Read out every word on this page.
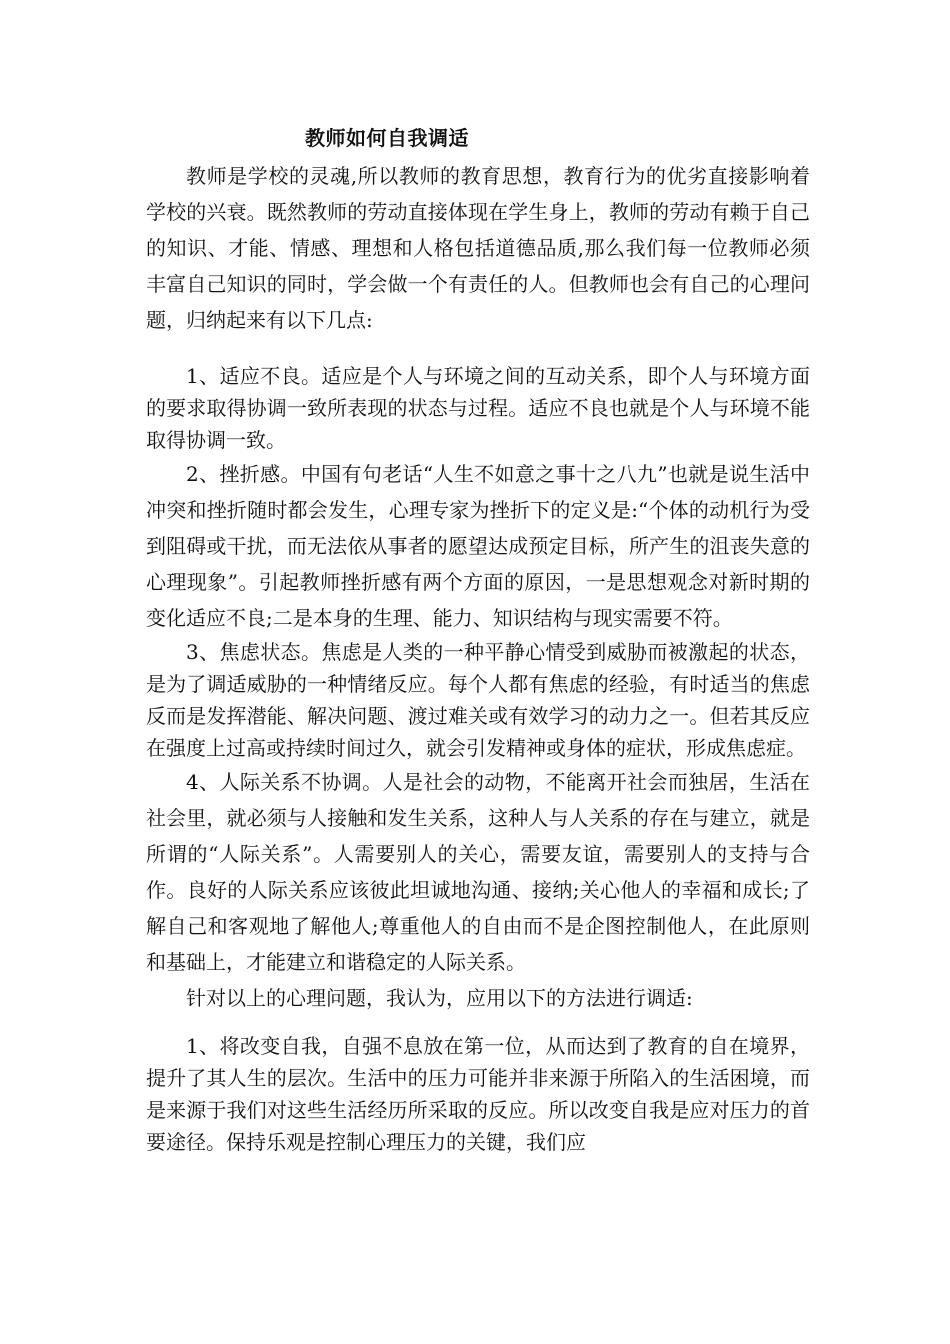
教师如何自我调适

教师是学校的灵魂,所以教师的教育思想，教育行为的优劣直接影响着学校的兴衰。既然教师的劳动直接体现在学生身上，教师的劳动有赖于自己的知识、才能、情感、理想和人格包括道德品质,那么我们每一位教师必须丰富自己知识的同时，学会做一个有责任的人。但教师也会有自己的心理问题，归纳起来有以下几点:

1、适应不良。适应是个人与环境之间的互动关系，即个人与环境方面的要求取得协调一致所表现的状态与过程。适应不良也就是个人与环境不能取得协调一致。

2、挫折感。中国有句老话“人生不如意之事十之八九”也就是说生活中冲突和挫折随时都会发生，心理专家为挫折下的定义是:“个体的动机行为受到阻碍或干扰，而无法依从事者的愿望达成预定目标，所产生的沮丧失意的心理现象”。引起教师挫折感有两个方面的原因，一是思想观念对新时期的变化适应不良;二是本身的生理、能力、知识结构与现实需要不符。

3、焦虑状态。焦虑是人类的一种平静心情受到威胁而被激起的状态，是为了调适威胁的一种情绪反应。每个人都有焦虑的经验，有时适当的焦虑反而是发挥潜能、解决问题、渡过难关或有效学习的动力之一。但若其反应在强度上过高或持续时间过久，就会引发精神或身体的症状，形成焦虑症。

4、人际关系不协调。人是社会的动物，不能离开社会而独居，生活在社会里，就必须与人接触和发生关系，这种人与人关系的存在与建立，就是所谓的“人际关系”。人需要别人的关心，需要友谊，需要别人的支持与合作。良好的人际关系应该彼此坦诚地沟通、接纳;关心他人的幸福和成长;了解自己和客观地了解他人;尊重他人的自由而不是企图控制他人，在此原则和基础上，才能建立和谐稳定的人际关系。

针对以上的心理问题，我认为，应用以下的方法进行调适:

1、将改变自我，自强不息放在第一位，从而达到了教育的自在境界，提升了其人生的层次。生活中的压力可能并非来源于所陷入的生活困境，而是来源于我们对这些生活经历所采取的反应。所以改变自我是应对压力的首要途径。保持乐观是控制心理压力的关键，我们应
